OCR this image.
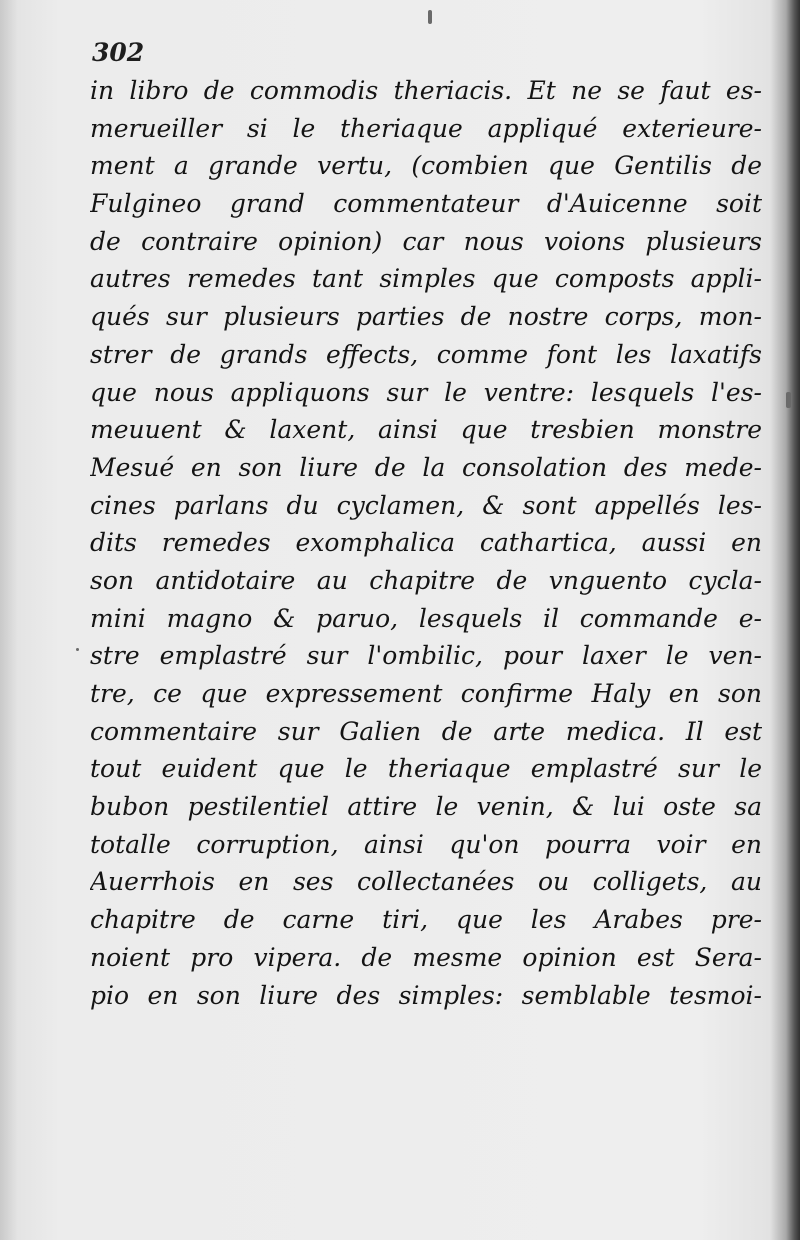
302
in libro de commodis theriacis. Et ne se faut es-
merueiller si le theriaque appliqué exterieure-
ment a grande vertu, (combien que Gentilis de
Fulgineo grand commentateur d'Auicenne soit
de contraire opinion) car nous voions plusieurs
autres remedes tant simples que composts appli-
qués sur plusieurs parties de nostre corps, mon-
strer de grands effects, comme font les laxatifs
que nous appliquons sur le ventre: lesquels l'es-
meuuent & laxent, ainsi que tresbien monstre
Mesué en son liure de la consolation des mede-
cines parlans du cyclamen, & sont appellés les-
dits remedes exomphalica cathartica, aussi en
son antidotaire au chapitre de vnguento cycla-
mini magno & paruo, lesquels il commande e-
stre emplastré sur l'ombilic, pour laxer le ven-
tre, ce que expressement confirme Haly en son
commentaire sur Galien de arte medica. Il est
tout euident que le theriaque emplastré sur le
bubon pestilentiel attire le venin, & lui oste sa
totalle corruption, ainsi qu'on pourra voir en
Auerrhois en ses collectanées ou colligets, au
chapitre de carne tiri, que les Arabes pre-
noient pro vipera. de mesme opinion est Sera-
pio en son liure des simples: semblable tesmoi-
